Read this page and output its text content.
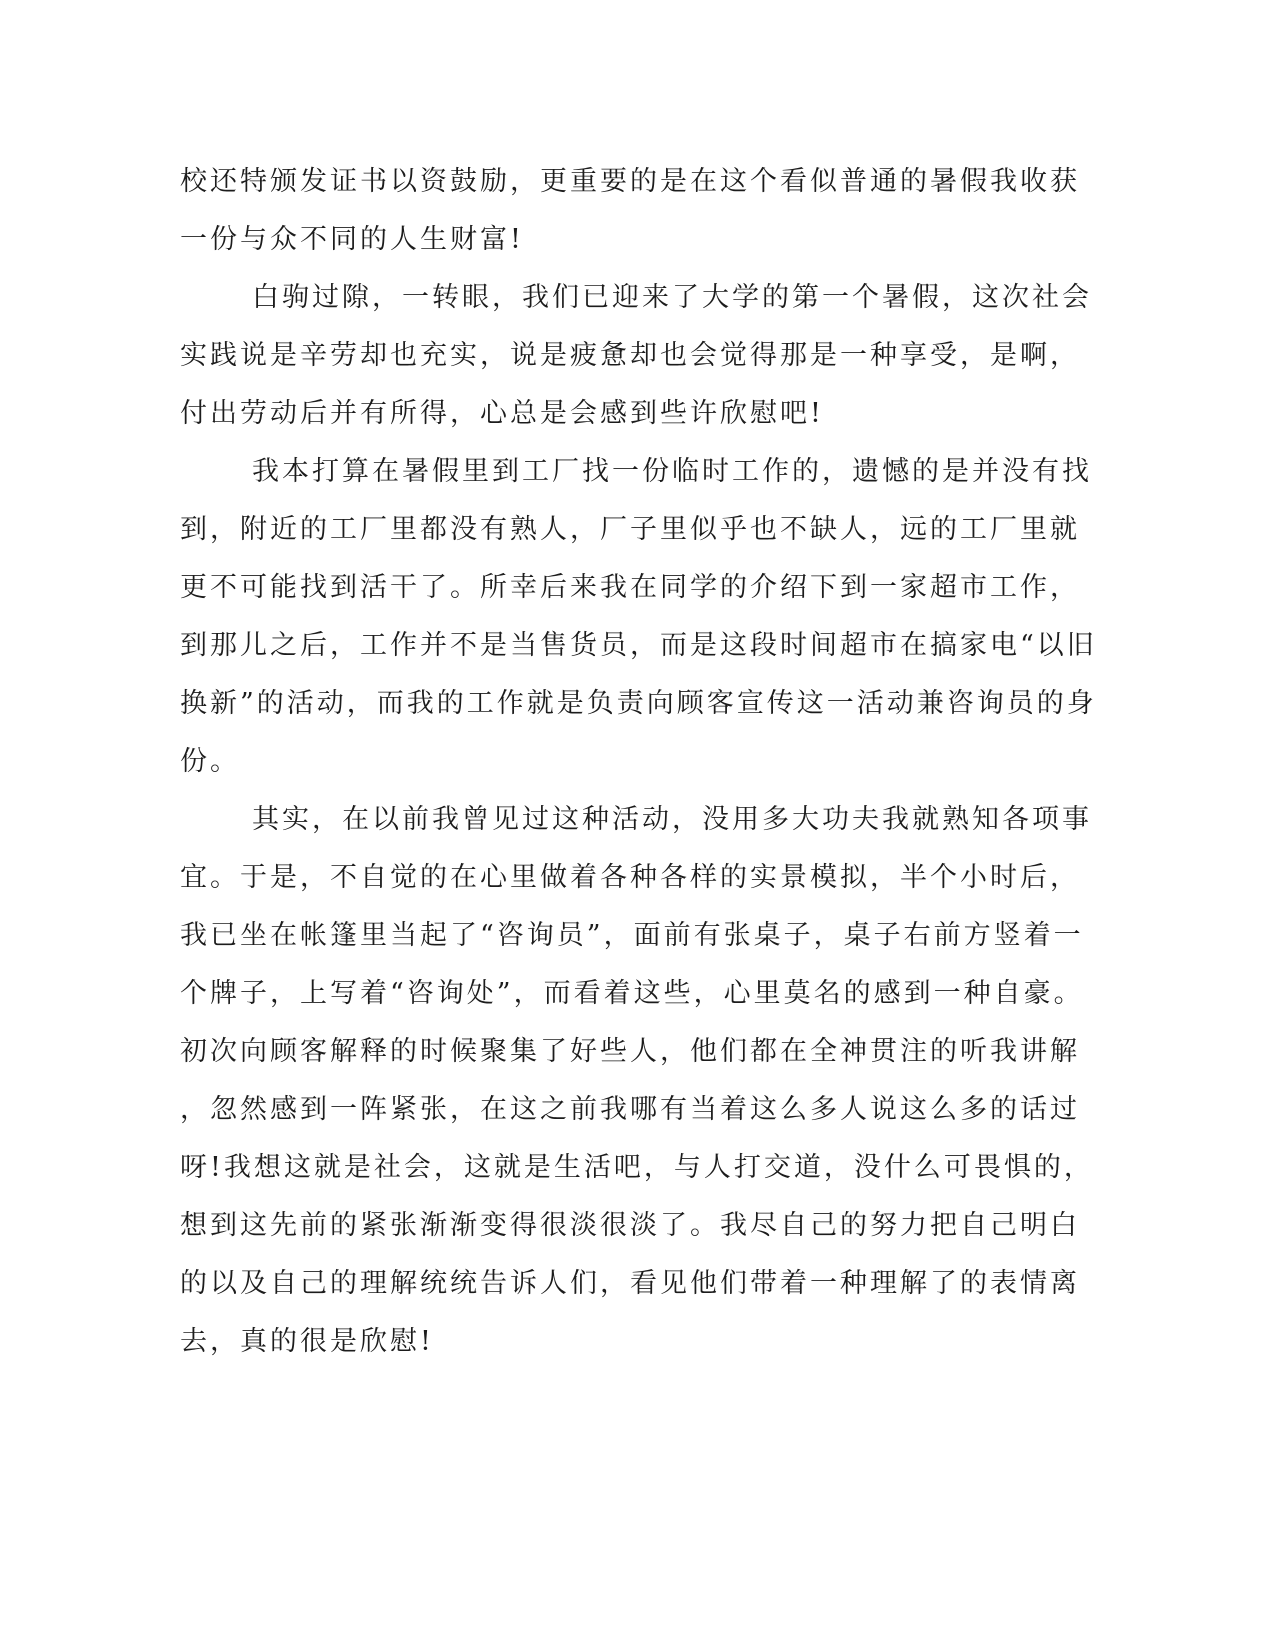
校还特颁发证书以资鼓励，更重要的是在这个看似普通的暑假我收获
一份与众不同的人生财富!
白驹过隙，一转眼，我们已迎来了大学的第一个暑假，这次社会
实践说是辛劳却也充实，说是疲惫却也会觉得那是一种享受，是啊，
付出劳动后并有所得，心总是会感到些许欣慰吧!
我本打算在暑假里到工厂找一份临时工作的，遗憾的是并没有找
到，附近的工厂里都没有熟人，厂子里似乎也不缺人，远的工厂里就
更不可能找到活干了。所幸后来我在同学的介绍下到一家超市工作，
到那儿之后，工作并不是当售货员，而是这段时间超市在搞家电“以旧
换新”的活动，而我的工作就是负责向顾客宣传这一活动兼咨询员的身
份。
其实，在以前我曾见过这种活动，没用多大功夫我就熟知各项事
宜。于是，不自觉的在心里做着各种各样的实景模拟，半个小时后，
我已坐在帐篷里当起了“咨询员”，面前有张桌子，桌子右前方竖着一
个牌子，上写着“咨询处”，而看着这些，心里莫名的感到一种自豪。
初次向顾客解释的时候聚集了好些人，他们都在全神贯注的听我讲解
，忽然感到一阵紧张，在这之前我哪有当着这么多人说这么多的话过
呀!我想这就是社会，这就是生活吧，与人打交道，没什么可畏惧的，
想到这先前的紧张渐渐变得很淡很淡了。我尽自己的努力把自己明白
的以及自己的理解统统告诉人们，看见他们带着一种理解了的表情离
去，真的很是欣慰!
